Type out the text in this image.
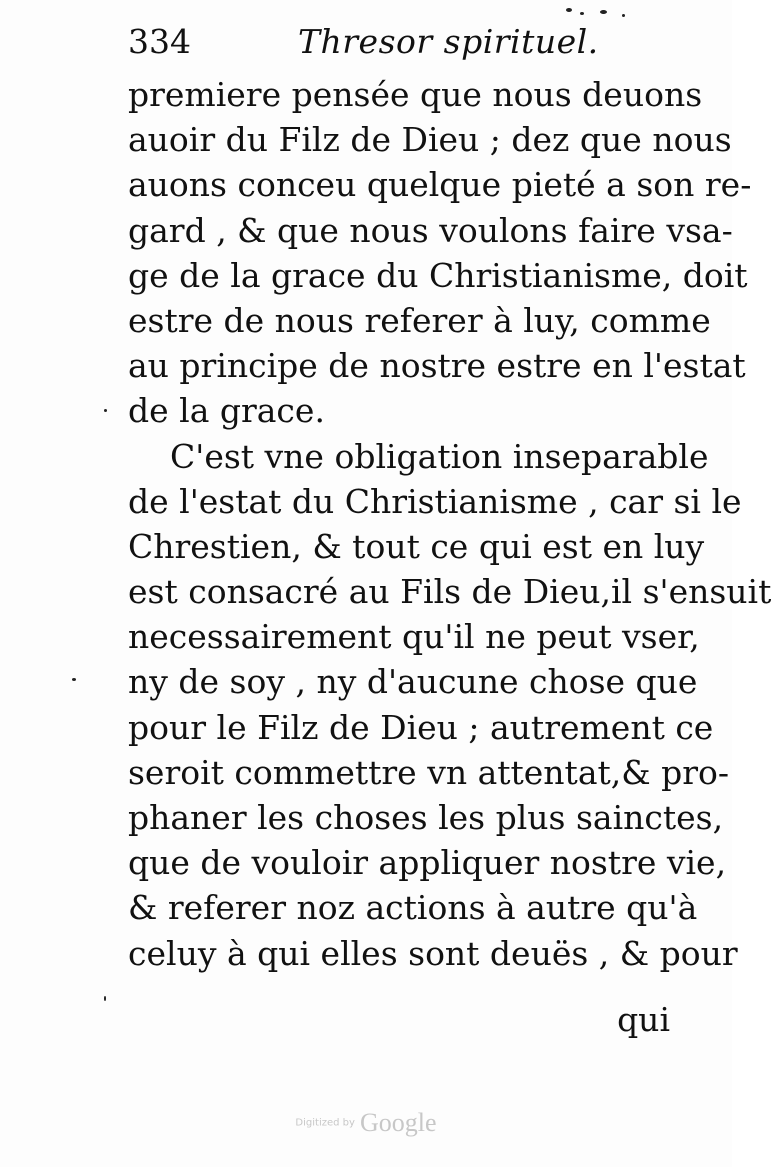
334	Thresor spirituel.
premiere pensée que nous deuons
auoir du Filz de Dieu ; dez que nous
auons conceu quelque pieté a son re-
gard , & que nous voulons faire vsa-
ge de la grace du Christianisme, doit
estre de nous referer à luy, comme
au principe de nostre estre en l'estat
de la grace.
C'est vne obligation inseparable
de l'estat du Christianisme , car si le
Chrestien, & tout ce qui est en luy
est consacré au Fils de Dieu,il s'ensuit
necessairement qu'il ne peut vser,
ny de soy , ny d'aucune chose que
pour le Filz de Dieu ; autrement ce
seroit commettre vn attentat,& pro-
phaner les choses les plus sainctes,
que de vouloir appliquer nostre vie,
& referer noz actions à autre qu'à
celuy à qui elles sont deuës , & pour
qui
Digitized by Google
